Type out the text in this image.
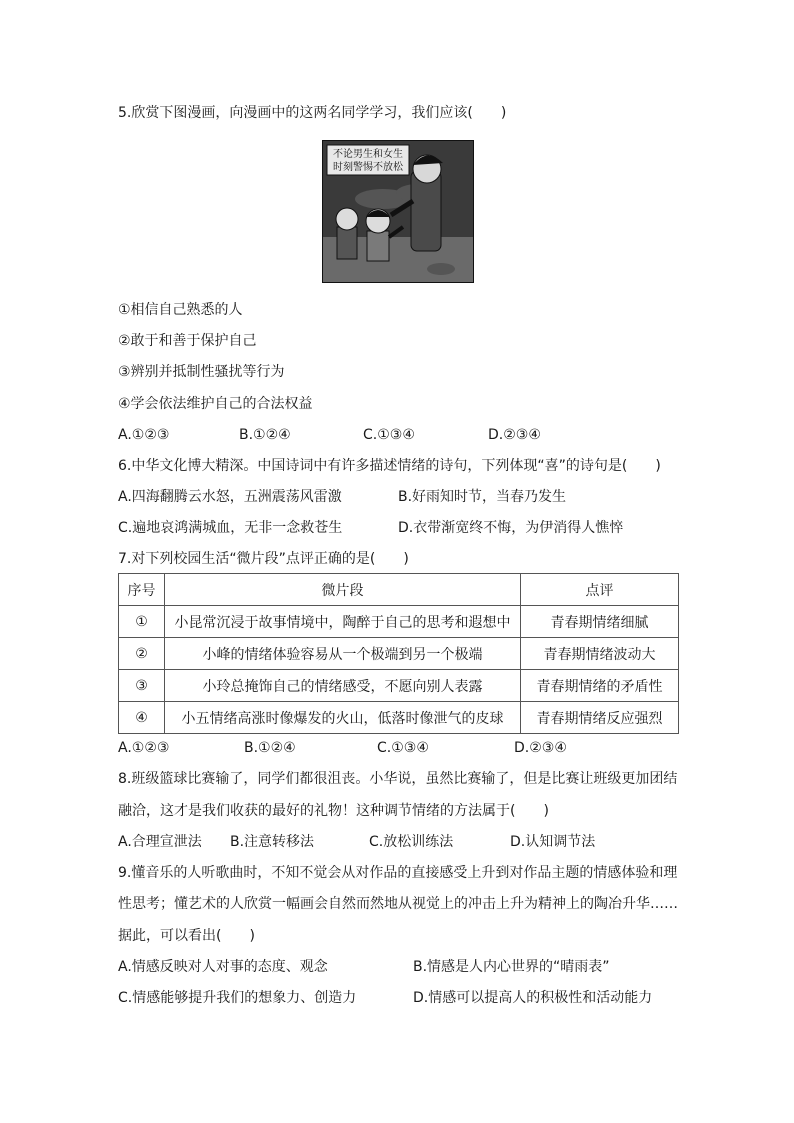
5.欣赏下图漫画，向漫画中的这两名同学学习，我们应该(　　)
不论男生和女生
时刻警惕不放松
①相信自己熟悉的人
②敢于和善于保护自己
③辨别并抵制性骚扰等行为
④学会依法维护自己的合法权益
A.①②③	B.①②④	C.①③④	D.②③④
6.中华文化博大精深。中国诗词中有许多描述情绪的诗句，下列体现“喜”的诗句是(　　)
A.四海翻腾云水怒，五洲震荡风雷激	B.好雨知时节，当春乃发生
C.遍地哀鸿满城血，无非一念救苍生	D.衣带渐宽终不悔，为伊消得人憔悴
7.对下列校园生活“微片段”点评正确的是(　　)
序号	微片段	点评
①	小昆常沉浸于故事情境中，陶醉于自己的思考和遐想中	青春期情绪细腻
②	小峰的情绪体验容易从一个极端到另一个极端	青春期情绪波动大
③	小玲总掩饰自己的情绪感受，不愿向别人表露	青春期情绪的矛盾性
④	小五情绪高涨时像爆发的火山，低落时像泄气的皮球	青春期情绪反应强烈
A.①②③	B.①②④	C.①③④	D.②③④
8.班级篮球比赛输了，同学们都很沮丧。小华说，虽然比赛输了，但是比赛让班级更加团结
融洽，这才是我们收获的最好的礼物！这种调节情绪的方法属于(　　)
A.合理宣泄法 B.注意转移法	C.放松训练法	D.认知调节法
9.懂音乐的人听歌曲时，不知不觉会从对作品的直接感受上升到对作品主题的情感体验和理
性思考；懂艺术的人欣赏一幅画会自然而然地从视觉上的冲击上升为精神上的陶冶升华……
据此，可以看出(　　)
A.情感反映对人对事的态度、观念	B.情感是人内心世界的“晴雨表”
C.情感能够提升我们的想象力、创造力	D.情感可以提高人的积极性和活动能力
